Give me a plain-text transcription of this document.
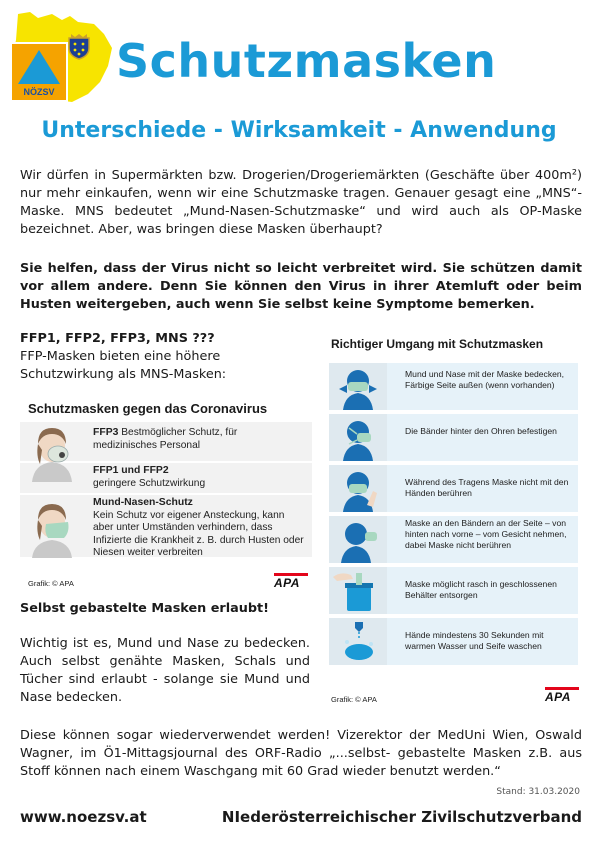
NÖZSV
Schutzmasken
Unterschiede - Wirksamkeit - Anwendung
Wir dürfen in Supermärkten bzw. Drogerien/Drogeriemärkten (Geschäfte über 400m²) nur mehr einkaufen, wenn wir eine Schutzmaske tragen. Genauer gesagt eine „MNS“-Maske. MNS bedeutet „Mund-Nasen-Schutzmaske“ und wird auch als OP-Maske bezeichnet. Aber, was bringen diese Masken überhaupt?
Sie helfen, dass der Virus nicht so leicht verbreitet wird. Sie schützen damit vor allem andere. Denn Sie können den Virus in ihrer Atemluft oder beim Husten weitergeben, auch wenn Sie selbst keine Symptome bemerken.
FFP1, FFP2, FFP3, MNS ???
FFP-Masken bieten eine höhere Schutzwirkung als MNS-Masken:
Schutzmasken gegen das Coronavirus
FFP3 Bestmöglicher Schutz, für medizinisches Personal
FFP1 und FFP2
geringere Schutzwirkung
Mund-Nasen-Schutz
Kein Schutz vor eigener Ansteckung, kann aber unter Umständen verhindern, dass Infizierte die Krankheit z. B. durch Husten oder Niesen weiter verbreiten
Grafik: © APA	APA
Selbst gebastelte Masken erlaubt!
Wichtig ist es, Mund und Nase zu bedecken. Auch selbst genähte Masken, Schals und Tücher sind erlaubt - solange sie Mund und Nase bedecken.
Richtiger Umgang mit Schutzmasken
Mund und Nase mit der Maske bedecken, Färbige Seite außen (wenn vorhanden)
Die Bänder hinter den Ohren befestigen
Während des Tragens Maske nicht mit den Händen berühren
Maske an den Bändern an der Seite – von hinten nach vorne – vom Gesicht nehmen, dabei Maske nicht berühren
Maske möglicht rasch in geschlossenen Behälter entsorgen
Hände mindestens 30 Sekunden mit warmen Wasser und Seife waschen
Grafik: © APA	APA
Diese können sogar wiederverwendet werden! Vizerektor der MedUni Wien, Oswald Wagner, im Ö1-Mittagsjournal des ORF-Radio „...selbst- gebastelte Masken z.B. aus Stoff können nach einem Waschgang mit 60 Grad wieder benutzt werden.“
Stand: 31.03.2020
www.noezsv.at	NIederösterreichischer Zivilschutzverband
